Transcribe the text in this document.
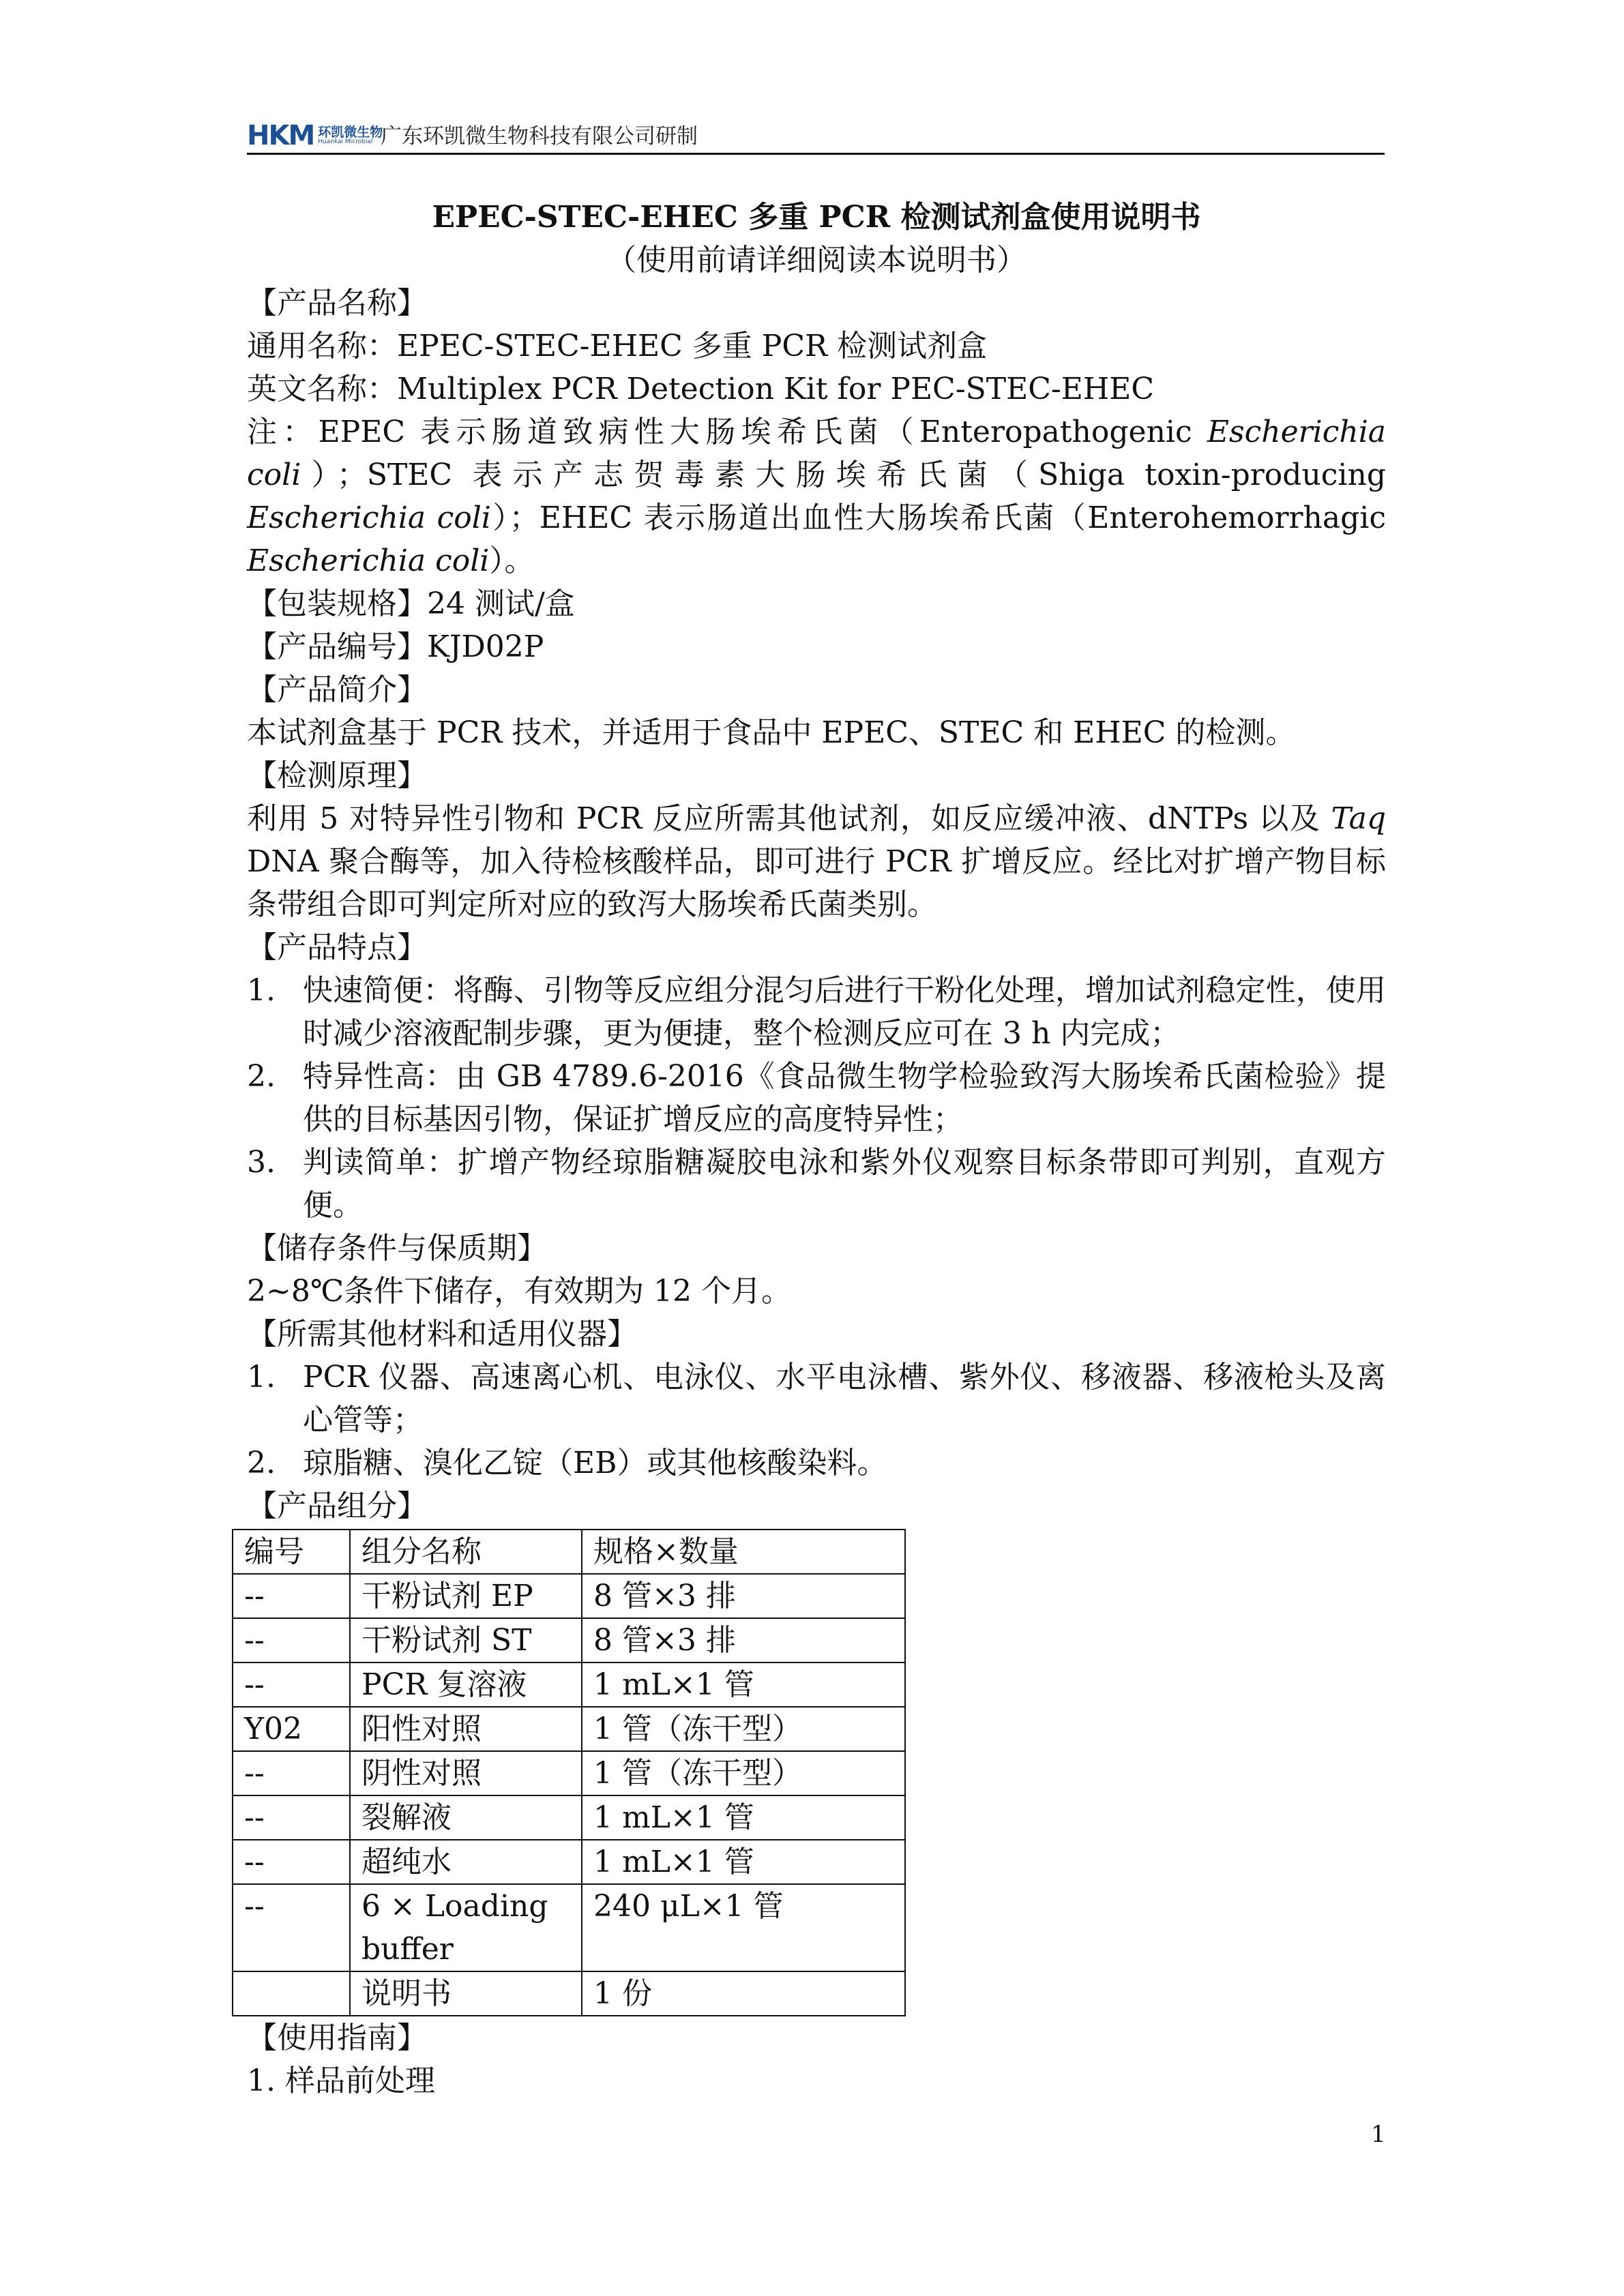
HKM 环凯微生物
Huankai Microbial 广东环凯微生物科技有限公司研制

EPEC-STEC-EHEC 多重 PCR 检测试剂盒使用说明书

（使用前请详细阅读本说明书）

【产品名称】

通用名称：EPEC-STEC-EHEC 多重 PCR 检测试剂盒

英文名称：Multiplex PCR Detection Kit for PEC-STEC-EHEC

注：EPEC 表示肠道致病性大肠埃希氏菌（Enteropathogenic Escherichia coli）；STEC 表示产志贺毒素大肠埃希氏菌（Shiga toxin-producing Escherichia coli）；EHEC 表示肠道出血性大肠埃希氏菌（Enterohemorrhagic Escherichia coli）。

【包装规格】24 测试/盒

【产品编号】KJD02P

【产品简介】

本试剂盒基于 PCR 技术，并适用于食品中 EPEC、STEC 和 EHEC 的检测。

【检测原理】

利用 5 对特异性引物和 PCR 反应所需其他试剂，如反应缓冲液、dNTPs 以及 Taq DNA 聚合酶等，加入待检核酸样品，即可进行 PCR 扩增反应。经比对扩增产物目标条带组合即可判定所对应的致泻大肠埃希氏菌类别。

【产品特点】

1. 快速简便：将酶、引物等反应组分混匀后进行干粉化处理，增加试剂稳定性，使用时减少溶液配制步骤，更为便捷，整个检测反应可在 3 h 内完成；
2. 特异性高：由 GB 4789.6-2016《食品微生物学检验致泻大肠埃希氏菌检验》提供的目标基因引物，保证扩增反应的高度特异性；
3. 判读简单：扩增产物经琼脂糖凝胶电泳和紫外仪观察目标条带即可判别，直观方便。

【储存条件与保质期】

2~8℃条件下储存，有效期为 12 个月。

【所需其他材料和适用仪器】

1. PCR 仪器、高速离心机、电泳仪、水平电泳槽、紫外仪、移液器、移液枪头及离心管等；
2. 琼脂糖、溴化乙锭（EB）或其他核酸染料。

【产品组分】

编号	组分名称	规格×数量
--	干粉试剂 EP	8 管×3 排
--	干粉试剂 ST	8 管×3 排
--	PCR 复溶液	1 mL×1 管
Y02	阳性对照	1 管（冻干型）
--	阴性对照	1 管（冻干型）
--	裂解液	1 mL×1 管
--	超纯水	1 mL×1 管
--	6 × Loading buffer	240 μL×1 管
	说明书	1 份

【使用指南】

1. 样品前处理

1
